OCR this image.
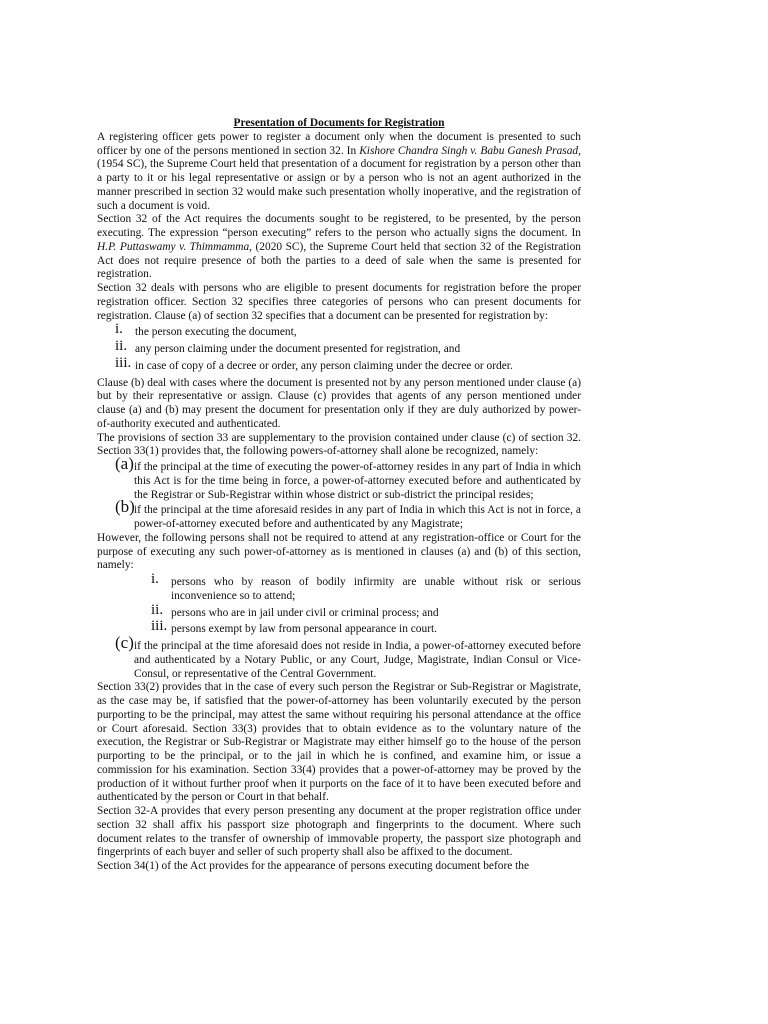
Presentation of Documents for Registration
A registering officer gets power to register a document only when the document is presented to such officer by one of the persons mentioned in section 32. In Kishore Chandra Singh v. Babu Ganesh Prasad, (1954 SC), the Supreme Court held that presentation of a document for registration by a person other than a party to it or his legal representative or assign or by a person who is not an agent authorized in the manner prescribed in section 32 would make such presentation wholly inoperative, and the registration of such a document is void.
Section 32 of the Act requires the documents sought to be registered, to be presented, by the person executing. The expression “person executing” refers to the person who actually signs the document. In H.P. Puttaswamy v. Thimmamma, (2020 SC), the Supreme Court held that section 32 of the Registration Act does not require presence of both the parties to a deed of sale when the same is presented for registration.
Section 32 deals with persons who are eligible to present documents for registration before the proper registration officer. Section 32 specifies three categories of persons who can present documents for registration. Clause (a) of section 32 specifies that a document can be presented for registration by:
i. the person executing the document,
ii. any person claiming under the document presented for registration, and
iii. in case of copy of a decree or order, any person claiming under the decree or order.
Clause (b) deal with cases where the document is presented not by any person mentioned under clause (a) but by their representative or assign. Clause (c) provides that agents of any person mentioned under clause (a) and (b) may present the document for presentation only if they are duly authorized by power-of-authority executed and authenticated.
The provisions of section 33 are supplementary to the provision contained under clause (c) of section 32. Section 33(1) provides that, the following powers-of-attorney shall alone be recognized, namely:
(a) if the principal at the time of executing the power-of-attorney resides in any part of India in which this Act is for the time being in force, a power-of-attorney executed before and authenticated by the Registrar or Sub-Registrar within whose district or sub-district the principal resides;
(b) if the principal at the time aforesaid resides in any part of India in which this Act is not in force, a power-of-attorney executed before and authenticated by any Magistrate;
However, the following persons shall not be required to attend at any registration-office or Court for the purpose of executing any such power-of-attorney as is mentioned in clauses (a) and (b) of this section, namely:
i. persons who by reason of bodily infirmity are unable without risk or serious inconvenience so to attend;
ii. persons who are in jail under civil or criminal process; and
iii. persons exempt by law from personal appearance in court.
(c) if the principal at the time aforesaid does not reside in India, a power-of-attorney executed before and authenticated by a Notary Public, or any Court, Judge, Magistrate, Indian Consul or Vice-Consul, or representative of the Central Government.
Section 33(2) provides that in the case of every such person the Registrar or Sub-Registrar or Magistrate, as the case may be, if satisfied that the power-of-attorney has been voluntarily executed by the person purporting to be the principal, may attest the same without requiring his personal attendance at the office or Court aforesaid. Section 33(3) provides that to obtain evidence as to the voluntary nature of the execution, the Registrar or Sub-Registrar or Magistrate may either himself go to the house of the person purporting to be the principal, or to the jail in which he is confined, and examine him, or issue a commission for his examination. Section 33(4) provides that a power-of-attorney may be proved by the production of it without further proof when it purports on the face of it to have been executed before and authenticated by the person or Court in that behalf.
Section 32-A provides that every person presenting any document at the proper registration office under section 32 shall affix his passport size photograph and fingerprints to the document. Where such document relates to the transfer of ownership of immovable property, the passport size photograph and fingerprints of each buyer and seller of such property shall also be affixed to the document.
Section 34(1) of the Act provides for the appearance of persons executing document before the
